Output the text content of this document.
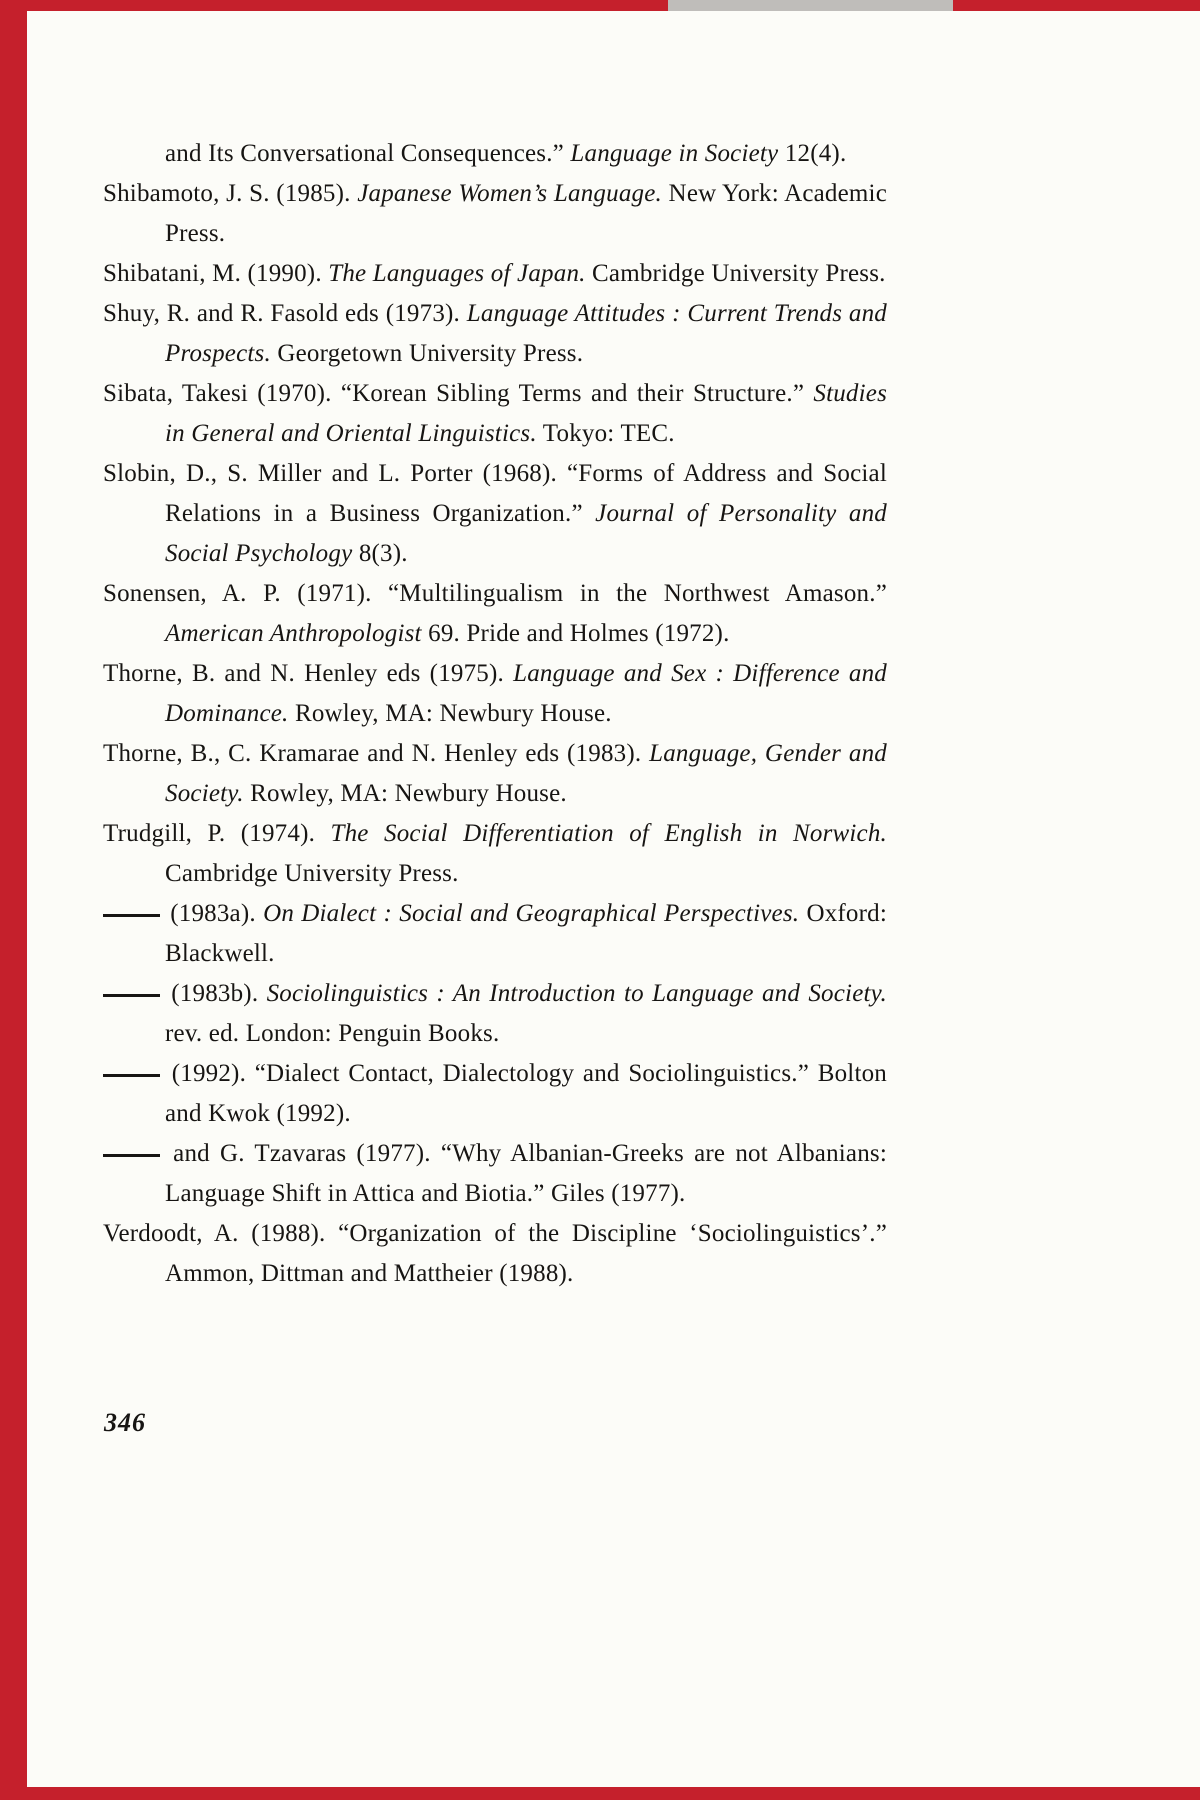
and Its Conversational Consequences.” Language in Society 12(4).

Shibamoto, J. S. (1985). Japanese Women’s Language. New York: Academic Press.

Shibatani, M. (1990). The Languages of Japan. Cambridge University Press.

Shuy, R. and R. Fasold eds (1973). Language Attitudes : Current Trends and Prospects. Georgetown University Press.

Sibata, Takesi (1970). “Korean Sibling Terms and their Structure.” Studies in General and Oriental Linguistics. Tokyo: TEC.

Slobin, D., S. Miller and L. Porter (1968). “Forms of Address and Social Relations in a Business Organization.” Journal of Personality and Social Psychology 8(3).

Sonensen, A. P. (1971). “Multilingualism in the Northwest Amason.” American Anthropologist 69. Pride and Holmes (1972).

Thorne, B. and N. Henley eds (1975). Language and Sex : Difference and Dominance. Rowley, MA: Newbury House.

Thorne, B., C. Kramarae and N. Henley eds (1983). Language, Gender and Society. Rowley, MA: Newbury House.

Trudgill, P. (1974). The Social Differentiation of English in Norwich. Cambridge University Press.

(1983a). On Dialect : Social and Geographical Perspectives. Oxford: Blackwell.

(1983b). Sociolinguistics : An Introduction to Language and Society. rev. ed. London: Penguin Books.

(1992). “Dialect Contact, Dialectology and Sociolinguistics.” Bolton and Kwok (1992).

and G. Tzavaras (1977). “Why Albanian-Greeks are not Albanians: Language Shift in Attica and Biotia.” Giles (1977).

Verdoodt, A. (1988). “Organization of the Discipline ‘Sociolinguistics’.” Ammon, Dittman and Mattheier (1988).

346
